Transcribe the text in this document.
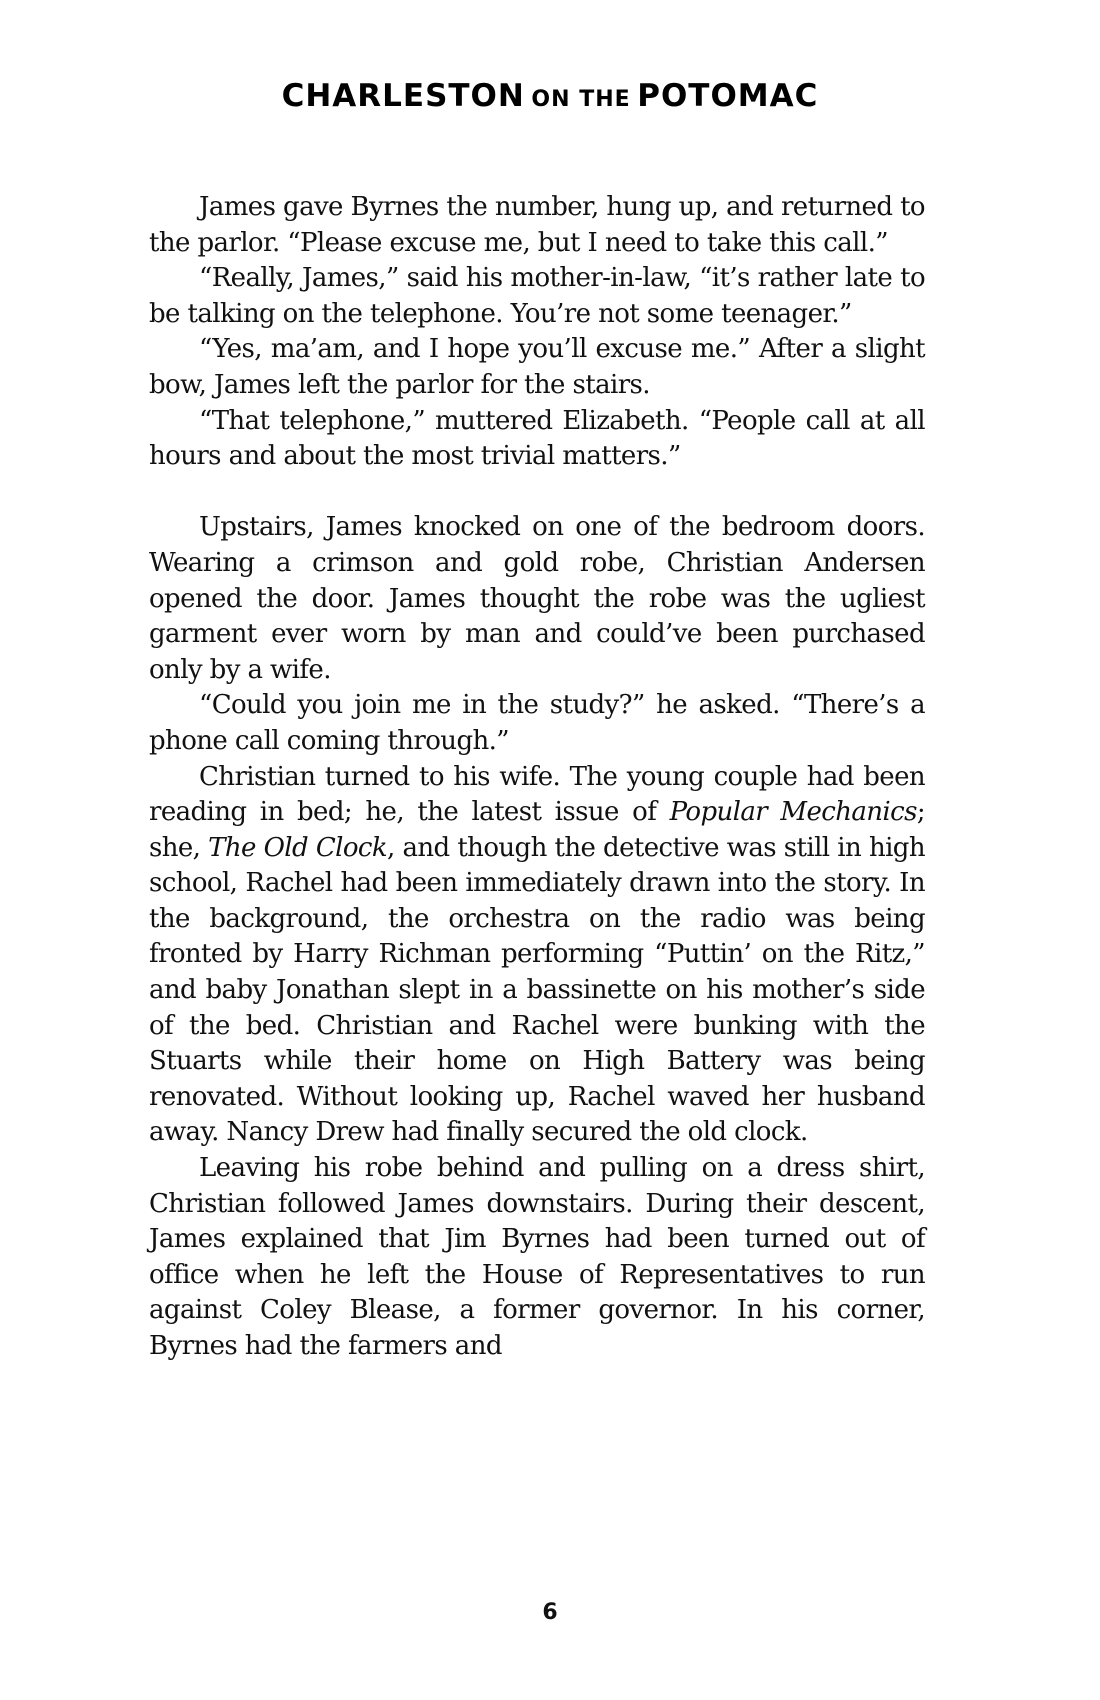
CHARLESTON ON THE POTOMAC

James gave Byrnes the number, hung up, and returned to the parlor. “Please excuse me, but I need to take this call.”

“Really, James,” said his mother-in-law, “it’s rather late to be talking on the telephone. You’re not some teenager.”

“Yes, ma’am, and I hope you’ll excuse me.” After a slight bow, James left the parlor for the stairs.

“That telephone,” muttered Elizabeth. “People call at all hours and about the most trivial matters.”

Upstairs, James knocked on one of the bedroom doors. Wearing a crimson and gold robe, Christian Andersen opened the door. James thought the robe was the ugliest garment ever worn by man and could’ve been purchased only by a wife.

“Could you join me in the study?” he asked. “There’s a phone call coming through.”

Christian turned to his wife. The young couple had been reading in bed; he, the latest issue of Popular Mechanics; she, The Old Clock, and though the detective was still in high school, Rachel had been immediately drawn into the story. In the background, the orchestra on the radio was being fronted by Harry Richman performing “Puttin’ on the Ritz,” and baby Jonathan slept in a bassinette on his mother’s side of the bed. Christian and Rachel were bunking with the Stuarts while their home on High Battery was being renovated. Without looking up, Rachel waved her husband away. Nancy Drew had finally secured the old clock.

Leaving his robe behind and pulling on a dress shirt, Christian followed James downstairs. During their descent, James explained that Jim Byrnes had been turned out of office when he left the House of Representatives to run against Coley Blease, a former governor. In his corner, Byrnes had the farmers and

6
